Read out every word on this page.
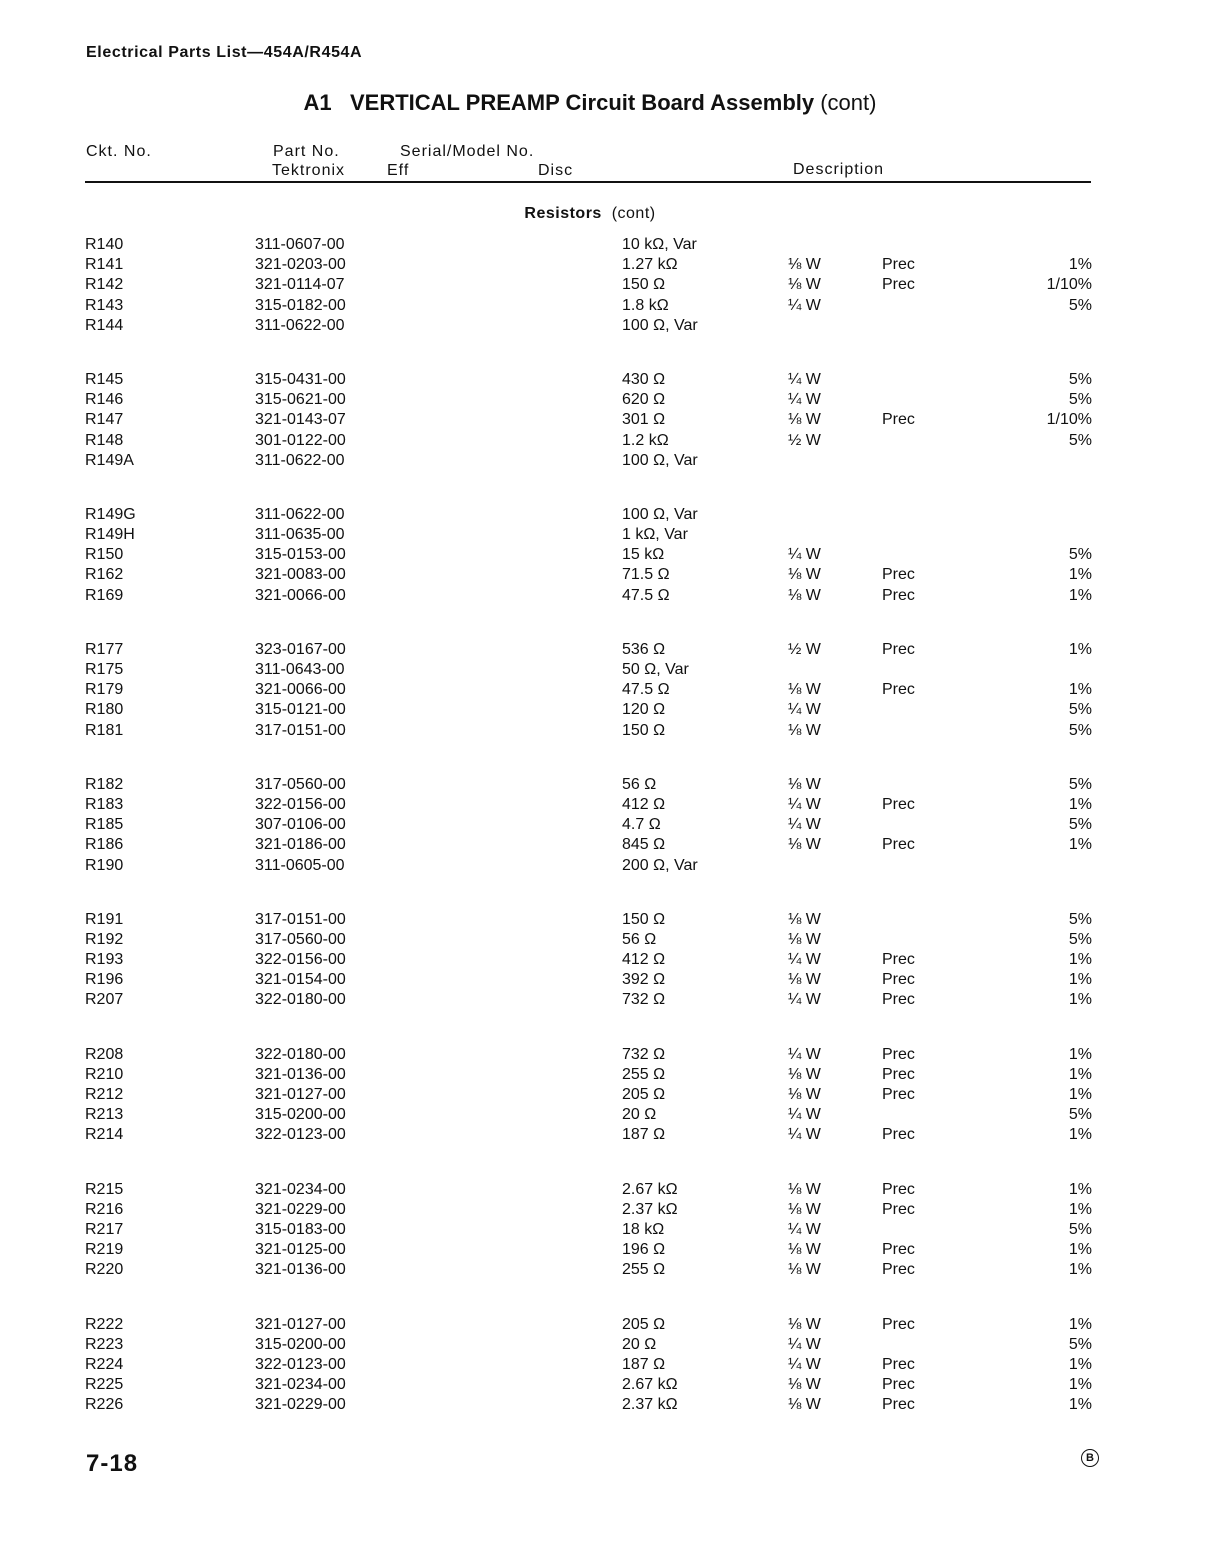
Electrical Parts List—454A/R454A
A1 VERTICAL PREAMP Circuit Board Assembly (cont)
Ckt. No.	Part No.	Serial/Model No.
Tektronix	Eff	Disc	Description
Resistors (cont)
R140	311-0607-00	10 kΩ, Var
R141	321-0203-00	1.27 kΩ	⅛ W	Prec	1%
R142	321-0114-07	150 Ω	⅛ W	Prec	1/10%
R143	315-0182-00	1.8 kΩ	¼ W	5%
R144	311-0622-00	100 Ω, Var
R145	315-0431-00	430 Ω	¼ W	5%
R146	315-0621-00	620 Ω	¼ W	5%
R147	321-0143-07	301 Ω	⅛ W	Prec	1/10%
R148	301-0122-00	1.2 kΩ	½ W	5%
R149A	311-0622-00	100 Ω, Var
R149G	311-0622-00	100 Ω, Var
R149H	311-0635-00	1 kΩ, Var
R150	315-0153-00	15 kΩ	¼ W	5%
R162	321-0083-00	71.5 Ω	⅛ W	Prec	1%
R169	321-0066-00	47.5 Ω	⅛ W	Prec	1%
R177	323-0167-00	536 Ω	½ W	Prec	1%
R175	311-0643-00	50 Ω, Var
R179	321-0066-00	47.5 Ω	⅛ W	Prec	1%
R180	315-0121-00	120 Ω	¼ W	5%
R181	317-0151-00	150 Ω	⅛ W	5%
R182	317-0560-00	56 Ω	⅛ W	5%
R183	322-0156-00	412 Ω	¼ W	Prec	1%
R185	307-0106-00	4.7 Ω	¼ W	5%
R186	321-0186-00	845 Ω	⅛ W	Prec	1%
R190	311-0605-00	200 Ω, Var
R191	317-0151-00	150 Ω	⅛ W	5%
R192	317-0560-00	56 Ω	⅛ W	5%
R193	322-0156-00	412 Ω	¼ W	Prec	1%
R196	321-0154-00	392 Ω	⅛ W	Prec	1%
R207	322-0180-00	732 Ω	¼ W	Prec	1%
R208	322-0180-00	732 Ω	¼ W	Prec	1%
R210	321-0136-00	255 Ω	⅛ W	Prec	1%
R212	321-0127-00	205 Ω	⅛ W	Prec	1%
R213	315-0200-00	20 Ω	¼ W	5%
R214	322-0123-00	187 Ω	¼ W	Prec	1%
R215	321-0234-00	2.67 kΩ	⅛ W	Prec	1%
R216	321-0229-00	2.37 kΩ	⅛ W	Prec	1%
R217	315-0183-00	18 kΩ	¼ W	5%
R219	321-0125-00	196 Ω	⅛ W	Prec	1%
R220	321-0136-00	255 Ω	⅛ W	Prec	1%
R222	321-0127-00	205 Ω	⅛ W	Prec	1%
R223	315-0200-00	20 Ω	¼ W	5%
R224	322-0123-00	187 Ω	¼ W	Prec	1%
R225	321-0234-00	2.67 kΩ	⅛ W	Prec	1%
R226	321-0229-00	2.37 kΩ	⅛ W	Prec	1%
7-18	B
